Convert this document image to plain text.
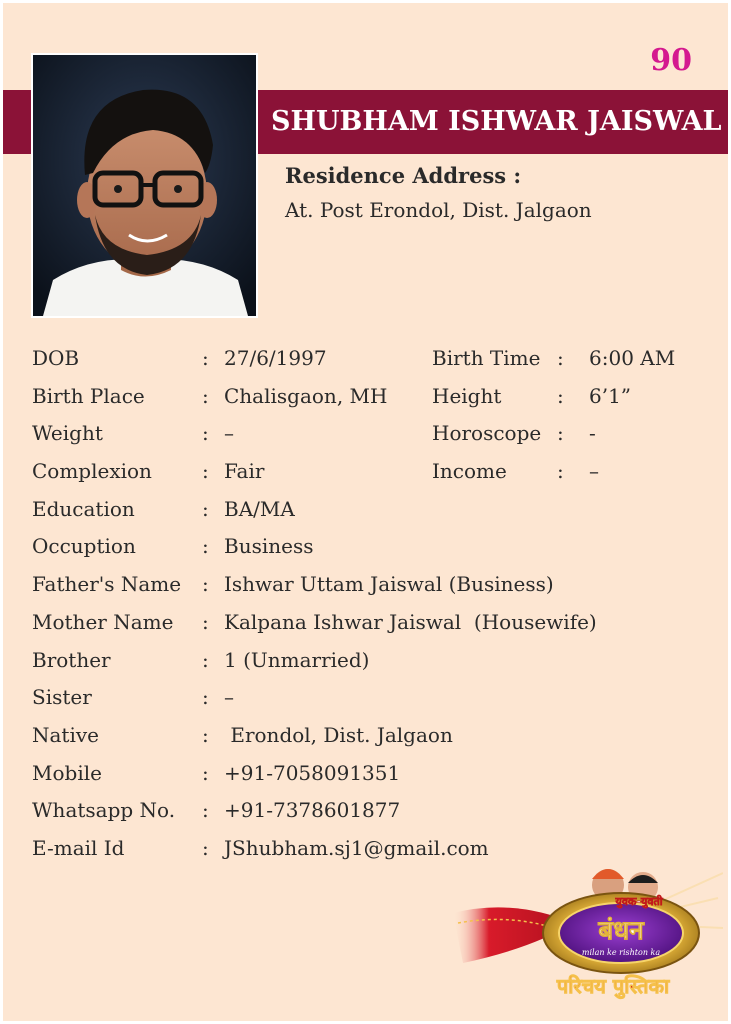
90
SHUBHAM ISHWAR JAISWAL
Residence Address :
At. Post Erondol, Dist. Jalgaon
DOB	: 27/6/1997	Birth Time : 6:00 AM
Birth Place	: Chalisgaon, MH Height	: 6’1”
Weight	: –	Horoscope : -
Complexion	: Fair	Income	: –
Education	: BA/MA
Occuption	: Business
Father's Name : Ishwar Uttam Jaiswal (Business)
Mother Name : Kalpana Ishwar Jaiswal  (Housewife)
Brother	: 1 (Unmarried)
Sister	: –
Native	: Erondol, Dist. Jalgaon
Mobile	: +91-7058091351
Whatsapp No. : +91-7378601877
E-mail Id	: JShubham.sj1@gmail.com
बंधन
milan ke rishton ka
युवक-युवती
परिचय पुस्तिका
